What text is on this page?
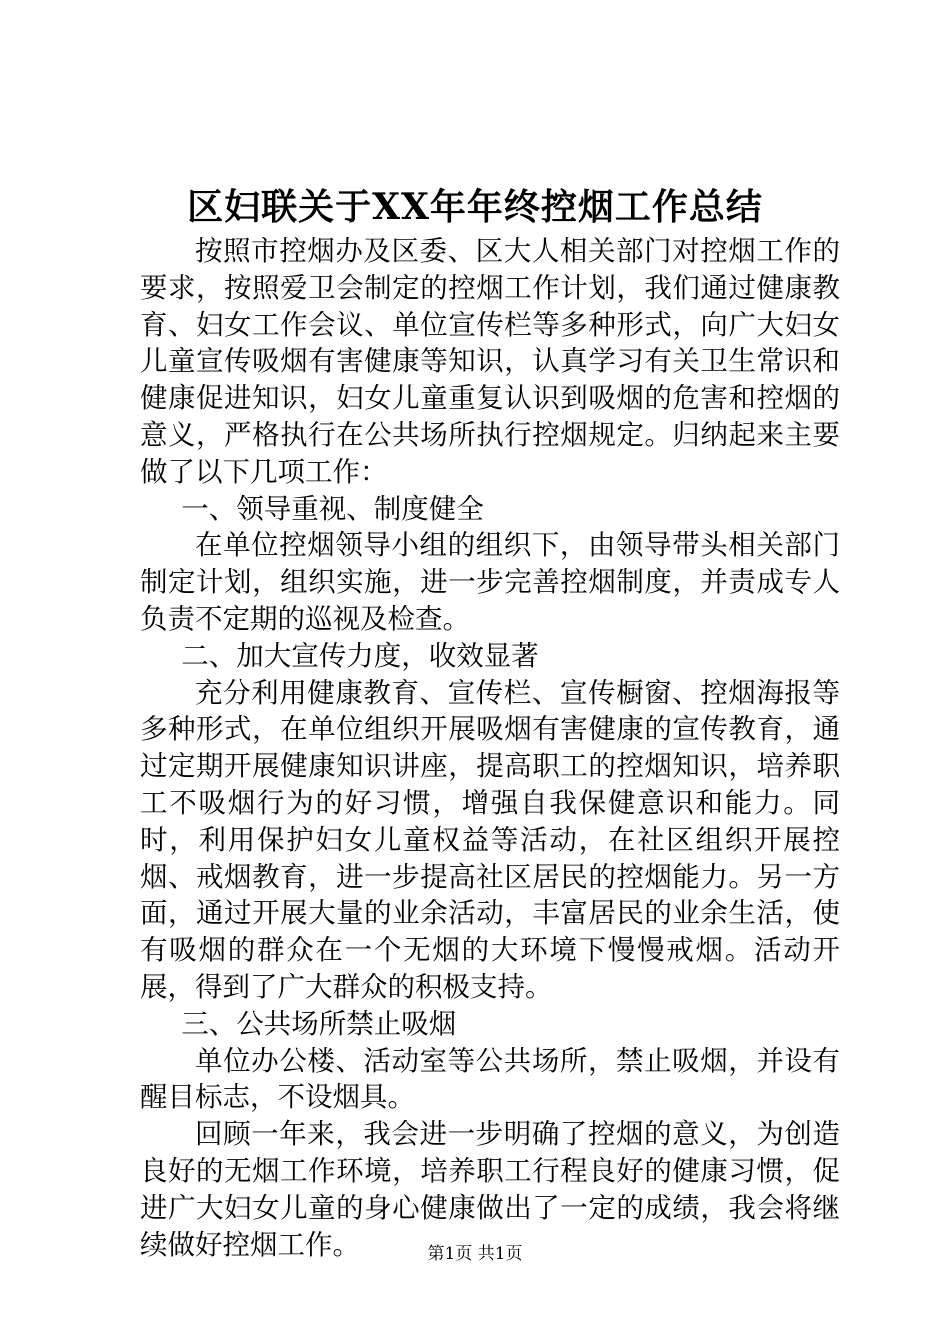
区妇联关于XX年年终控烟工作总结

按照市控烟办及区委、区大人相关部门对控烟工作的要求，按照爱卫会制定的控烟工作计划，我们通过健康教育、妇女工作会议、单位宣传栏等多种形式，向广大妇女儿童宣传吸烟有害健康等知识，认真学习有关卫生常识和健康促进知识，妇女儿童重复认识到吸烟的危害和控烟的意义，严格执行在公共场所执行控烟规定。归纳起来主要做了以下几项工作：

一、领导重视、制度健全

在单位控烟领导小组的组织下，由领导带头相关部门制定计划，组织实施，进一步完善控烟制度，并责成专人负责不定期的巡视及检查。

二、加大宣传力度，收效显著

充分利用健康教育、宣传栏、宣传橱窗、控烟海报等多种形式，在单位组织开展吸烟有害健康的宣传教育，通过定期开展健康知识讲座，提高职工的控烟知识，培养职工不吸烟行为的好习惯，增强自我保健意识和能力。同时，利用保护妇女儿童权益等活动，在社区组织开展控烟、戒烟教育，进一步提高社区居民的控烟能力。另一方面，通过开展大量的业余活动，丰富居民的业余生活，使有吸烟的群众在一个无烟的大环境下慢慢戒烟。活动开展，得到了广大群众的积极支持。

三、公共场所禁止吸烟

单位办公楼、活动室等公共场所，禁止吸烟，并设有醒目标志，不设烟具。

回顾一年来，我会进一步明确了控烟的意义，为创造良好的无烟工作环境，培养职工行程良好的健康习惯，促进广大妇女儿童的身心健康做出了一定的成绩，我会将继续做好控烟工作。	第1页 共1页
